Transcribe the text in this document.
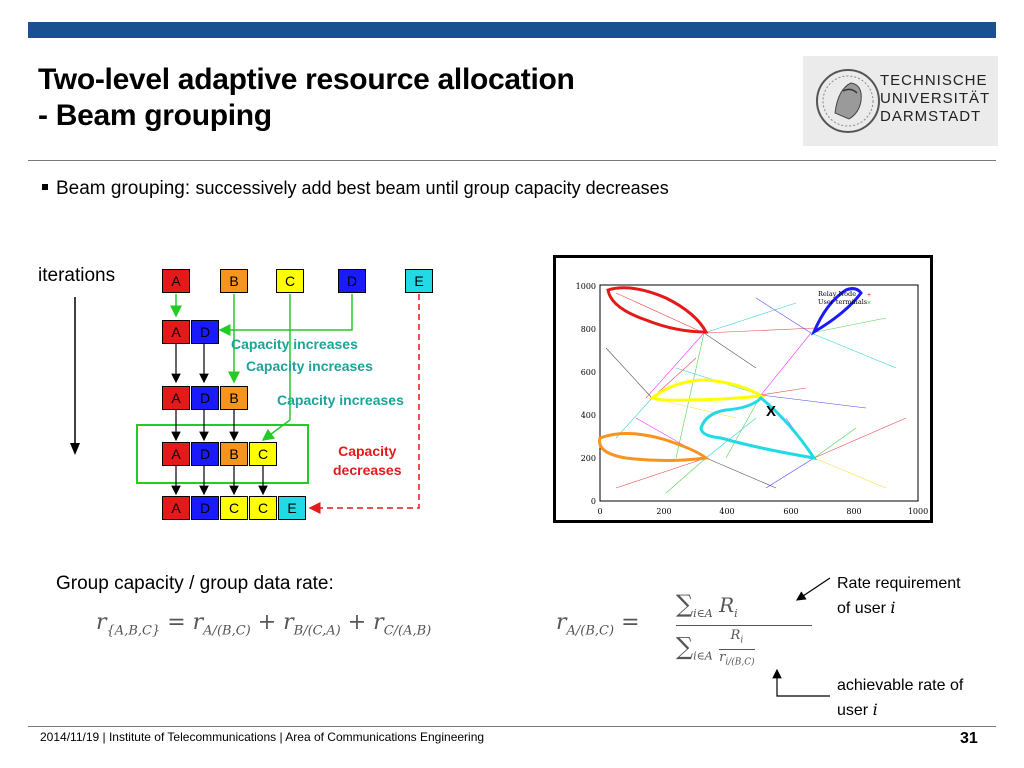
Two-level adaptive resource allocation
- Beam grouping
TECHNISCHE
UNIVERSITÄT
DARMSTADT
Beam grouping: successively add best beam until group capacity decreases
iterations	A	B	C	D	E
A	D
A	D	B
A	D	B	C
A	D	C	C	E
Capacity increases
Capacity increases
Capacity increases
Capacity
decreases
1000
800
600
400
200
0
0	200	400	600	800	1000
Relay Node
User terminals
+
×
X
Group capacity / group data rate:
$r_{\{A,B,C\}} = r_{A/(B,C)} + r_{B/(C,A)} + r_{C/(A,B)}$	$r_{A/(B,C)}$ =
$\sum_{i\in A}$ $R_i$
$\sum_{i\in A} \frac{R_i}{r_{i/(B,C)}}$
Rate requirement
of user i
achievable rate of
user i
2014/11/19 | Institute of Telecommunications | Area of Communications Engineering	31
